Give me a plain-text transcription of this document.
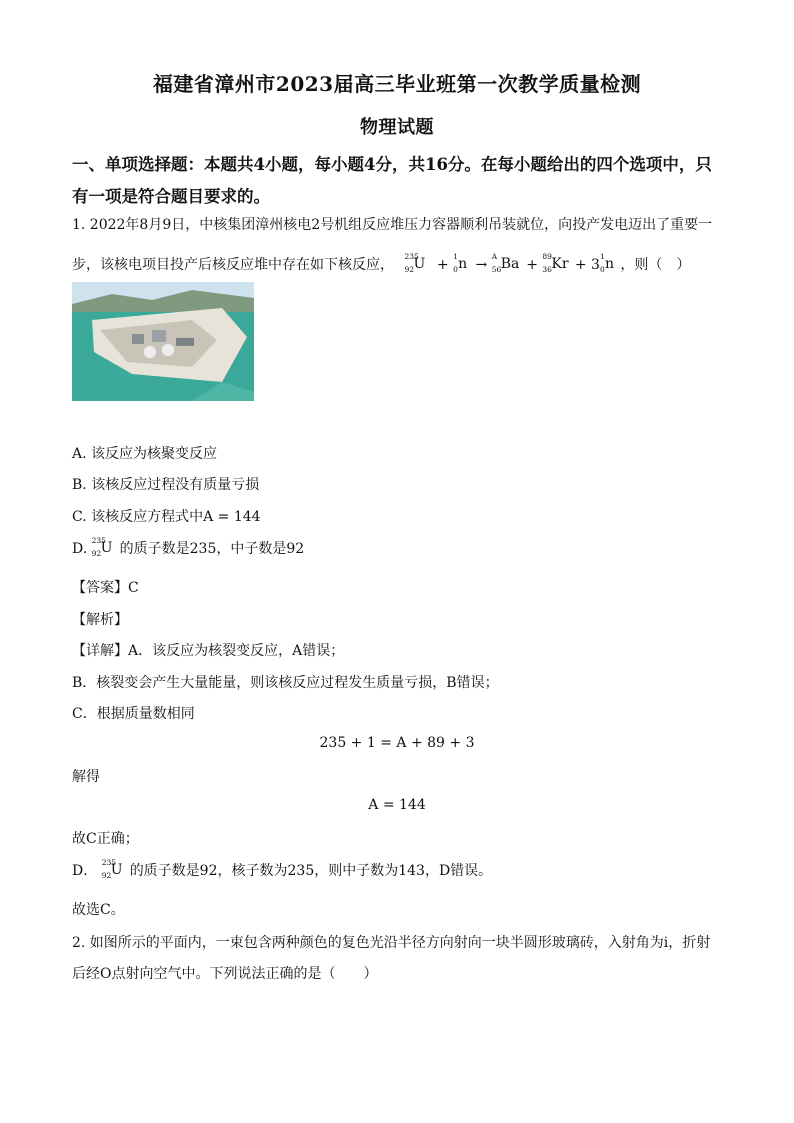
福建省漳州市2023届高三毕业班第一次教学质量检测
物理试题
一、单项选择题：本题共4小题，每小题4分，共16分。在每小题给出的四个选项中，只
有一项是符合题目要求的。
1. 2022年8月9日，中核集团漳州核电2号机组反应堆压力容器顺利吊装就位，向投产发电迈出了重要一
步，该核电项目投产后核反应堆中存在如下核反应，
235
92 U +
1
0 n →
A
56 Ba +
89
36 Kr + 3
1
0 n ，则（　）
A. 该反应为核聚变反应
B. 该核反应过程没有质量亏损
C. 该核反应方程式中A = 144
D.
235
92 U 的质子数是235，中子数是92
【答案】C
【解析】
【详解】A．该反应为核裂变反应，A错误；
B．核裂变会产生大量能量，则该核反应过程发生质量亏损，B错误；
C．根据质量数相同
235 + 1 = A + 89 + 3
解得
A = 144
故C正确；
D．
235
92 U 的质子数是92，核子数为235，则中子数为143，D错误。
故选C。
2. 如图所示的平面内，一束包含两种颜色的复色光沿半径方向射向一块半圆形玻璃砖，入射角为i，折射
后经O点射向空气中。下列说法正确的是（　　）
